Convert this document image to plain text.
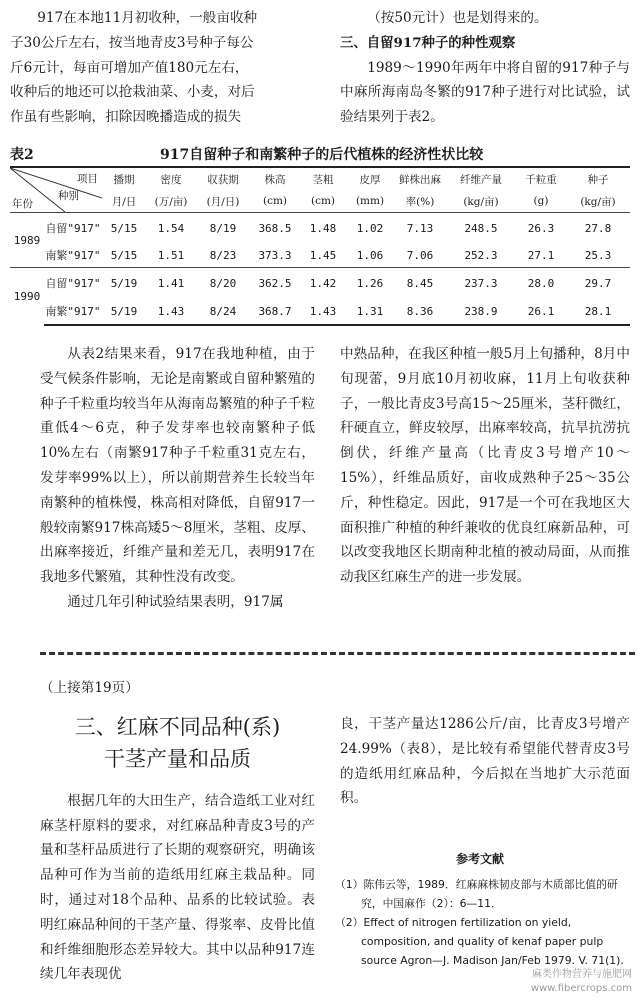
917在本地11月初收种，一般亩收种

子30公斤左右，按当地青皮3号种子每公

斤6元计，每亩可增加产值180元左右，

收种后的地还可以抢栽油菜、小麦，对后

作虽有些影响，扣除因晚播造成的损失

（按50元计）也是划得来的。

三、自留917种子的种性观察

1989～1990年两年中将自留的917种子与中麻所海南岛冬繁的917种子进行对比试验，试验结果列于表2。

表2	917自留种子和南繁种子的后代植株的经济性状比较
项目
种别
年份		播期	密度	収获期	株高	茎粗	皮厚	鲜株出麻	纤维产量	千粒重	种子
		月/日	(万/亩)	(月/日)	(cm)	(cm)	(mm)	率(%)	(kg/亩)	(g)	(kg/亩)
1989	自留"917"	5/15	1.54	8/19	368.5	1.48	1.02	7.13	248.5	26.3	27.8
	南繁"917"	5/15	1.51	8/23	373.3	1.45	1.06	7.06	252.3	27.1	25.3
1990	自留"917"	5/19	1.41	8/20	362.5	1.42	1.26	8.45	237.3	28.0	29.7
	南繁"917"	5/19	1.43	8/24	368.7	1.43	1.31	8.36	238.9	26.1	28.1

从表2结果来看，917在我地种植，由于受气候条件影响，无论是南繁或自留种繁殖的种子千粒重均较当年从海南岛繁殖的种子千粒重低4～6克，种子发芽率也较南繁种子低10%左右（南繁917种子千粒重31克左右，发芽率99%以上），所以前期营养生长较当年南繁种的植株慢，株高相对降低，自留917一般较南繁917株高矮5～8厘米，茎粗、皮厚、出麻率接近，纤维产量和差无几，表明917在我地多代繁殖，其种性没有改变。

通过几年引种试验结果表明，917属

中熟品种，在我区种植一般5月上旬播种，8月中旬现蕾，9月底10月初收麻，11月上旬收获种子，一般比青皮3号高15～25厘米，茎秆微红，秆硬直立，鲜皮较厚，出麻率较高，抗旱抗涝抗倒伏，纤维产量高（比青皮3号增产10～15%），纤维品质好，亩收成熟种子25～35公斤，种性稳定。因此，917是一个可在我地区大面积推广种植的种纤兼收的优良红麻新品种，可以改变我地区长期南种北植的被动局面，从而推动我区红麻生产的进一步发展。

（上接第19页）

三、红麻不同品种(系)
干茎产量和品质

根据几年的大田生产，结合造纸工业对红麻茎杆原料的要求，对红麻品种青皮3号的产量和茎杆品质进行了长期的观察研究，明确该品种可作为当前的造纸用红麻主栽品种。同时，通过对18个品种、品系的比较试验。表明红麻品种间的干茎产量、得浆率、皮骨比值和纤维细胞形态差异较大。其中以品种917连续几年表现优

良，干茎产量达1286公斤/亩，比青皮3号增产24.99%（表8），是比较有希望能代替青皮3号的造纸用红麻品种，今后拟在当地扩大示范面积。

参考文献
（1）陈伟云等，1989．红麻麻株韧皮部与木质部比值的研究，中国麻作（2）：6—11．
（2）Effect of nitrogen fertilization on yield, composition, and quality of kenaf paper pulp source Agron—J. Madison Jan/Feb 1979. V. 71(1).
麻类作物营养与施肥网
www.fibercrops.com
